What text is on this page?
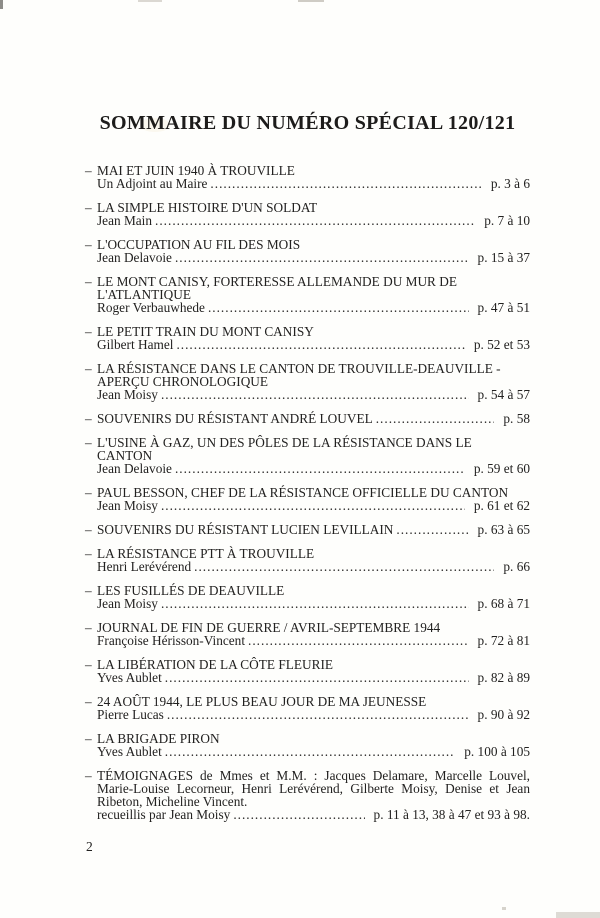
SOMMAIRE DU NUMÉRO SPÉCIAL 120/121
– MAI ET JUIN 1940 À TROUVILLE
Un Adjoint au Maire .....	p. 3 à 6
– LA SIMPLE HISTOIRE D'UN SOLDAT
Jean Main .....	p. 7 à 10
– L'OCCUPATION AU FIL DES MOIS
Jean Delavoie .....	p. 15 à 37
– LE MONT CANISY, FORTERESSE ALLEMANDE DU MUR DE L'ATLANTIQUE
Roger Verbauwhede .....	p. 47 à 51
– LE PETIT TRAIN DU MONT CANISY
Gilbert Hamel .....	p. 52 et 53
– LA RÉSISTANCE DANS LE CANTON DE TROUVILLE-DEAUVILLE - APERÇU CHRONOLOGIQUE
Jean Moisy .....	p. 54 à 57
– SOUVENIRS DU RÉSISTANT ANDRÉ LOUVEL .....	p. 58
– L'USINE À GAZ, UN DES PÔLES DE LA RÉSISTANCE DANS LE CANTON
Jean Delavoie .....	p. 59 et 60
– PAUL BESSON, CHEF DE LA RÉSISTANCE OFFICIELLE DU CANTON
Jean Moisy .....	p. 61 et 62
– SOUVENIRS DU RÉSISTANT LUCIEN LEVILLAIN .....	p. 63 à 65
– LA RÉSISTANCE PTT À TROUVILLE
Henri Lerévérend .....	p. 66
– LES FUSILLÉS DE DEAUVILLE
Jean Moisy .....	p. 68 à 71
– JOURNAL DE FIN DE GUERRE / AVRIL-SEPTEMBRE 1944
Françoise Hérisson-Vincent .....	p. 72 à 81
– LA LIBÉRATION DE LA CÔTE FLEURIE
Yves Aublet .....	p. 82 à 89
– 24 AOÛT 1944, LE PLUS BEAU JOUR DE MA JEUNESSE
Pierre Lucas .....	p. 90 à 92
– LA BRIGADE PIRON
Yves Aublet .....	p. 100 à 105
– TÉMOIGNAGES de Mmes et M.M. : Jacques Delamare, Marcelle Louvel, Marie-Louise Lecorneur, Henri Lerévérend, Gilberte Moisy, Denise et Jean Ribeton, Micheline Vincent.
recueillis par Jean Moisy .....	p. 11 à 13, 38 à 47 et 93 à 98.
2
